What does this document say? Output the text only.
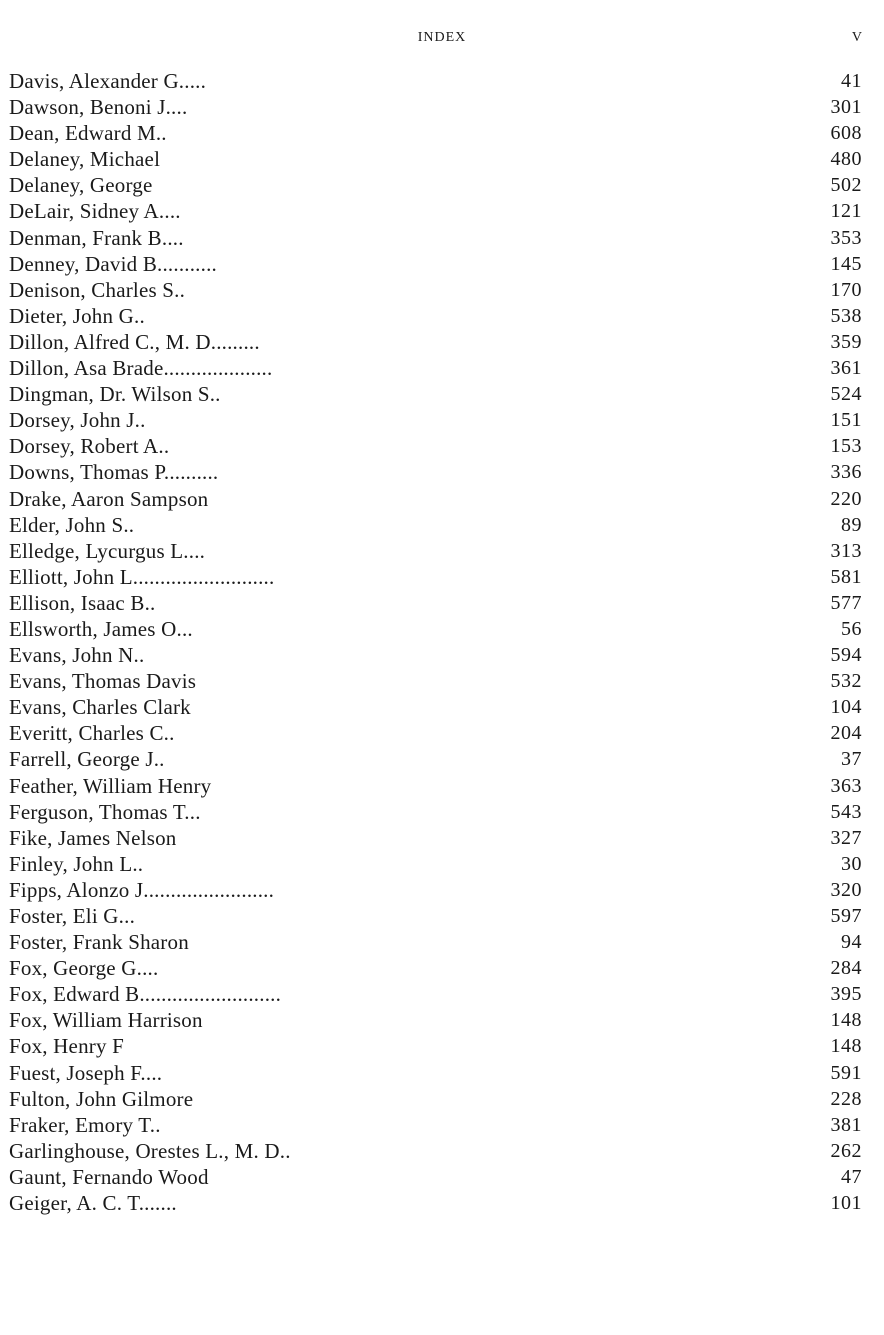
INDEX	V
Davis, Alexander G.....	41
Dawson, Benoni J....	301
Dean, Edward M..	608
Delaney, Michael	480
Delaney, George	502
DeLair, Sidney A....	121
Denman, Frank B....	353
Denney, David B...........	145
Denison, Charles S..	170
Dieter, John G..	538
Dillon, Alfred C., M. D.........	359
Dillon, Asa Brade....................	361
Dingman, Dr. Wilson S..	524
Dorsey, John J..	151
Dorsey, Robert A..	153
Downs, Thomas P..........	336
Drake, Aaron Sampson	220
Elder, John S..	89
Elledge, Lycurgus L....	313
Elliott, John L..........................	581
Ellison, Isaac B..	577
Ellsworth, James O...	56
Evans, John N..	594
Evans, Thomas Davis	532
Evans, Charles Clark	104
Everitt, Charles C..	204
Farrell, George J..	37
Feather, William Henry	363
Ferguson, Thomas T...	543
Fike, James Nelson	327
Finley, John L..	30
Fipps, Alonzo J........................	320
Foster, Eli G...	597
Foster, Frank Sharon	94
Fox, George G....	284
Fox, Edward B..........................	395
Fox, William Harrison	148
Fox, Henry F	148
Fuest, Joseph F....	591
Fulton, John Gilmore	228
Fraker, Emory T..	381
Garlinghouse, Orestes L., M. D..	262
Gaunt, Fernando Wood	47
Geiger, A. C. T.......	101
